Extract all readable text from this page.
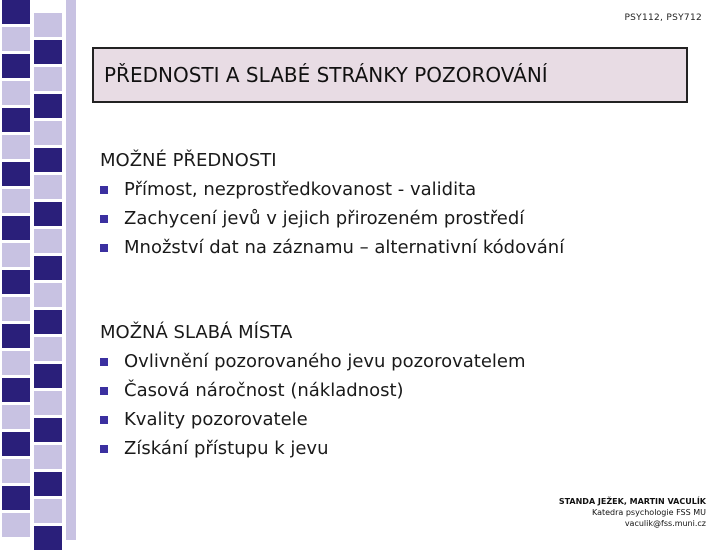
PSY112, PSY712
PŘEDNOSTI A SLABÉ STRÁNKY POZOROVÁNÍ
MOŽNÉ PŘEDNOSTI
Přímost, nezprostředkovanost - validita
Zachycení jevů v jejich přirozeném prostředí
Množství dat na záznamu – alternativní kódování
MOŽNÁ SLABÁ MÍSTA
Ovlivnění pozorovaného jevu pozorovatelem
Časová náročnost (nákladnost)
Kvality pozorovatele
Získání přístupu k jevu
STANDA JEŽEK, MARTIN VACULÍK
Katedra psychologie FSS MU
vaculik@fss.muni.cz
